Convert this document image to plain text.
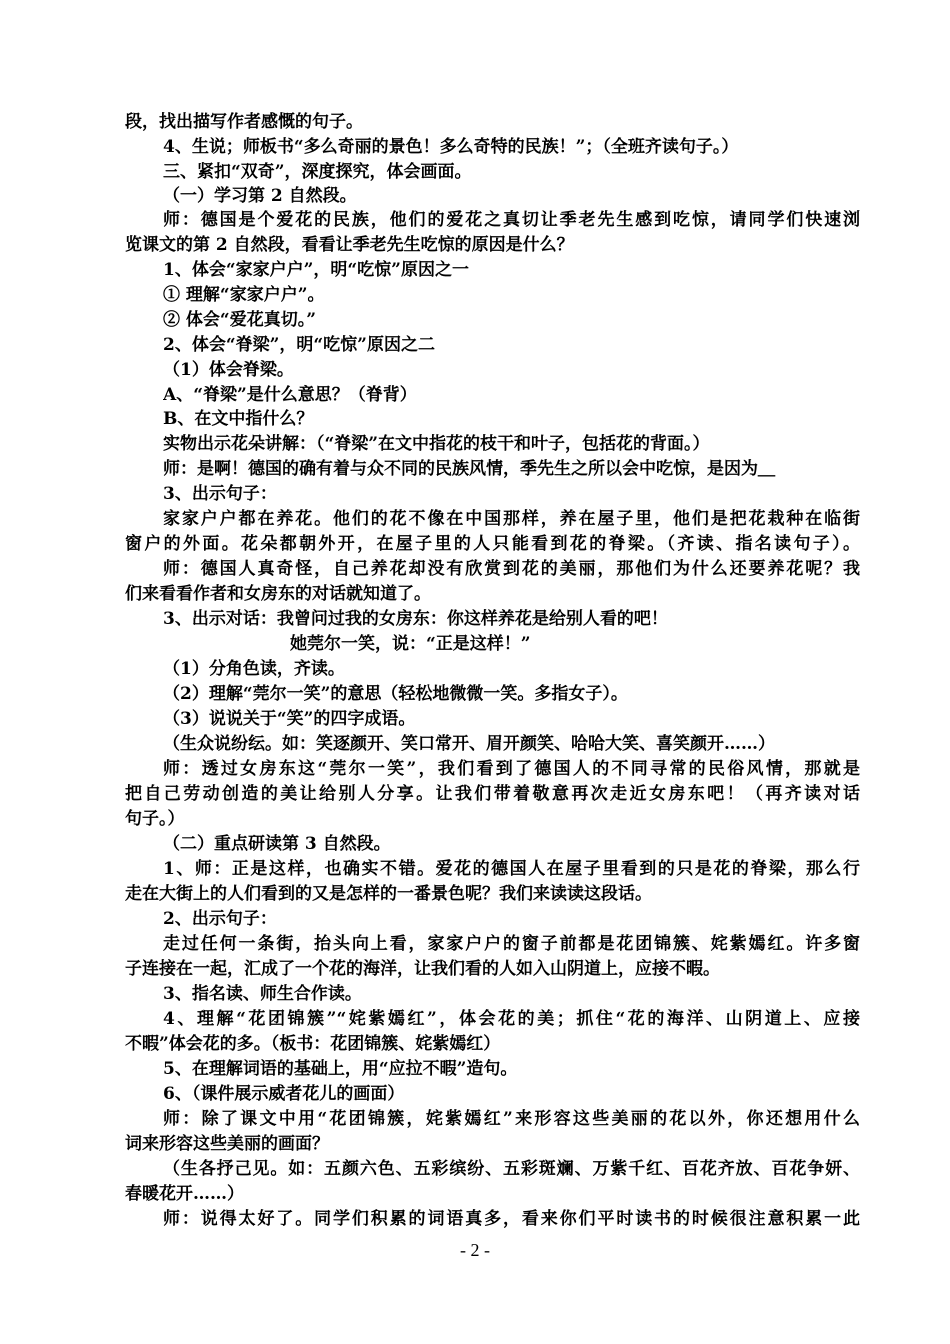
段，找出描写作者感慨的句子。
4、生说；师板书“多么奇丽的景色！多么奇特的民族！”；（全班齐读句子。）
三、紧扣“双奇”，深度探究，体会画面。
（一）学习第 2 自然段。
师：德国是个爱花的民族，他们的爱花之真切让季老先生感到吃惊，请同学们快速浏
览课文的第 2 自然段，看看让季老先生吃惊的原因是什么？
1、体会“家家户户”，明“吃惊”原因之一
① 理解“家家户户”。
② 体会“爱花真切。”
2、体会“脊梁”，明“吃惊”原因之二
（1）体会脊梁。
A、“脊梁”是什么意思？（脊背）
B、在文中指什么？
实物出示花朵讲解：（“脊梁”在文中指花的枝干和叶子，包括花的背面。）
师：是啊！德国的确有着与众不同的民族风情，季先生之所以会中吃惊，是因为＿
3、出示句子：
家家户户都在养花。他们的花不像在中国那样，养在屋子里，他们是把花栽种在临街
窗户的外面。花朵都朝外开，在屋子里的人只能看到花的脊梁。（齐读、指名读句子）。
师：德国人真奇怪，自己养花却没有欣赏到花的美丽，那他们为什么还要养花呢？我
们来看看作者和女房东的对话就知道了。
3、出示对话：我曾问过我的女房东：你这样养花是给别人看的吧！
她莞尔一笑，说：“正是这样！”
（1）分角色读，齐读。
（2）理解“莞尔一笑”的意思（轻松地微微一笑。多指女子）。
（3）说说关于“笑”的四字成语。
（生众说纷纭。如：笑逐颜开、笑口常开、眉开颜笑、哈哈大笑、喜笑颜开……）
师：透过女房东这“莞尔一笑”，我们看到了德国人的不同寻常的民俗风情，那就是
把自己劳动创造的美让给别人分享。让我们带着敬意再次走近女房东吧！（再齐读对话
句子。）
（二）重点研读第 3 自然段。
1、师：正是这样，也确实不错。爱花的德国人在屋子里看到的只是花的脊梁，那么行
走在大街上的人们看到的又是怎样的一番景色呢？我们来读读这段话。
2、出示句子：
走过任何一条街，抬头向上看，家家户户的窗子前都是花团锦簇、姹紫嫣红。许多窗
子连接在一起，汇成了一个花的海洋，让我们看的人如入山阴道上，应接不暇。
3、指名读、师生合作读。
4、理解“花团锦簇”“姹紫嫣红”，体会花的美；抓住“花的海洋、山阴道上、应接
不暇”体会花的多。（板书：花团锦簇、姹紫嫣红）
5、在理解词语的基础上，用“应拉不暇”造句。
6、（课件展示威者花儿的画面）
师：除了课文中用“花团锦簇，姹紫嫣红”来形容这些美丽的花以外，你还想用什么
词来形容这些美丽的画面？
（生各抒己见。如：五颜六色、五彩缤纷、五彩斑斓、万紫千红、百花齐放、百花争妍、
春暖花开……）
师：说得太好了。同学们积累的词语真多，看来你们平时读书的时候很注意积累一此
- 2 -
